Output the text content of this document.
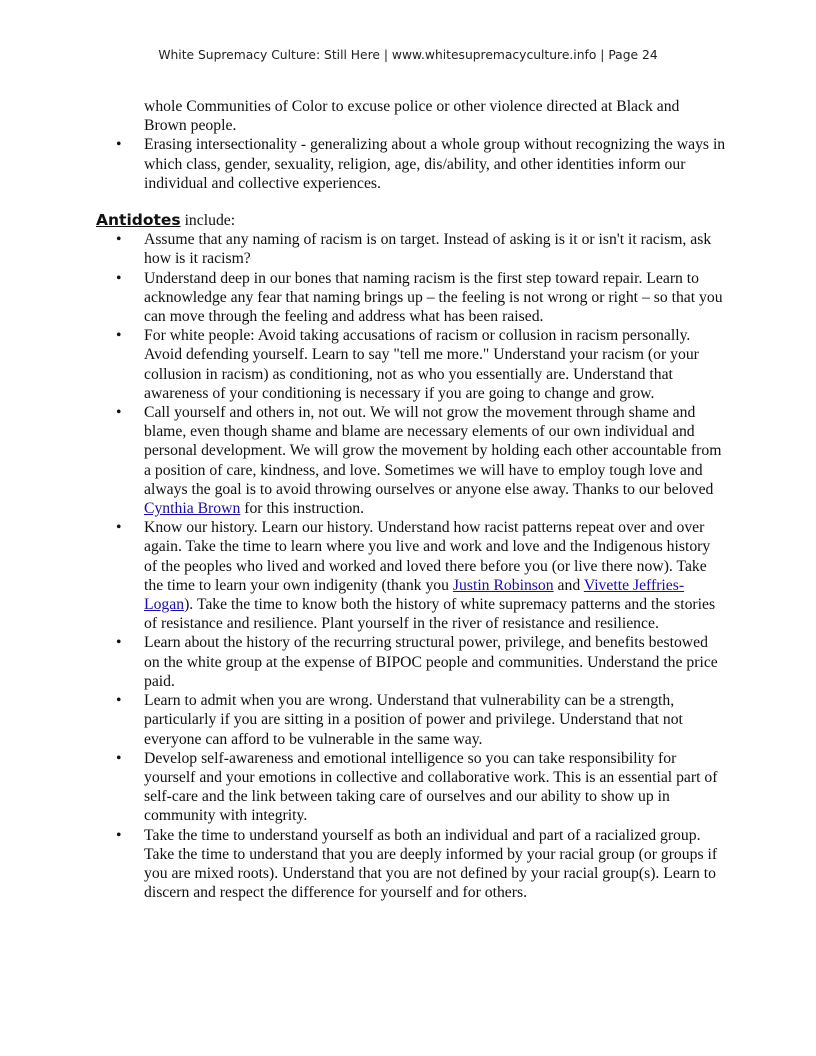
White Supremacy Culture: Still Here | www.whitesupremacyculture.info | Page 24

whole Communities of Color to excuse police or other violence directed at Black and Brown people.

• Erasing intersectionality - generalizing about a whole group without recognizing the ways in which class, gender, sexuality, religion, age, dis/ability, and other identities inform our individual and collective experiences.
Antidotes include:
• Assume that any naming of racism is on target. Instead of asking is it or isn't it racism, ask how is it racism?
• Understand deep in our bones that naming racism is the first step toward repair. Learn to acknowledge any fear that naming brings up – the feeling is not wrong or right – so that you can move through the feeling and address what has been raised.
• For white people: Avoid taking accusations of racism or collusion in racism personally. Avoid defending yourself. Learn to say "tell me more." Understand your racism (or your collusion in racism) as conditioning, not as who you essentially are. Understand that awareness of your conditioning is necessary if you are going to change and grow.
• Call yourself and others in, not out. We will not grow the movement through shame and blame, even though shame and blame are necessary elements of our own individual and personal development. We will grow the movement by holding each other accountable from a position of care, kindness, and love. Sometimes we will have to employ tough love and always the goal is to avoid throwing ourselves or anyone else away. Thanks to our beloved Cynthia Brown for this instruction.
• Know our history. Learn our history. Understand how racist patterns repeat over and over again. Take the time to learn where you live and work and love and the Indigenous history of the peoples who lived and worked and loved there before you (or live there now). Take the time to learn your own indigenity (thank you Justin Robinson and Vivette Jeffries-Logan). Take the time to know both the history of white supremacy patterns and the stories of resistance and resilience. Plant yourself in the river of resistance and resilience.
• Learn about the history of the recurring structural power, privilege, and benefits bestowed on the white group at the expense of BIPOC people and communities. Understand the price paid.
• Learn to admit when you are wrong. Understand that vulnerability can be a strength, particularly if you are sitting in a position of power and privilege. Understand that not everyone can afford to be vulnerable in the same way.
• Develop self-awareness and emotional intelligence so you can take responsibility for yourself and your emotions in collective and collaborative work. This is an essential part of self-care and the link between taking care of ourselves and our ability to show up in community with integrity.
• Take the time to understand yourself as both an individual and part of a racialized group. Take the time to understand that you are deeply informed by your racial group (or groups if you are mixed roots). Understand that you are not defined by your racial group(s). Learn to discern and respect the difference for yourself and for others.
